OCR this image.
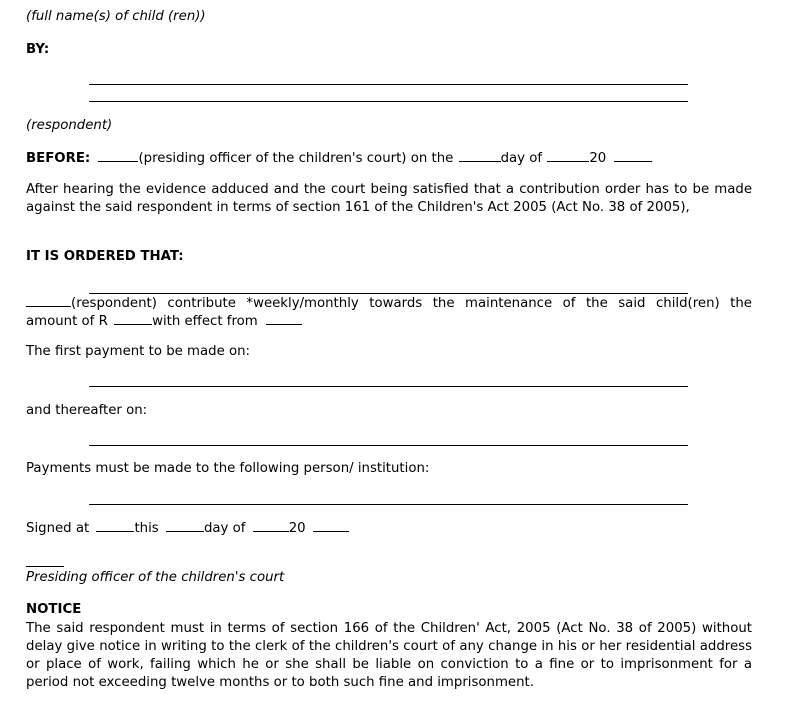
(full name(s) of child (ren))
BY:
(respondent)
BEFORE:	(presiding officer of the children's court) on the	day of	20
After hearing the evidence adduced and the court being satisfied that a contribution order has to be made against the said respondent in terms of section 161 of the Children's Act 2005 (Act No. 38 of 2005),
IT IS ORDERED THAT:
(respondent) contribute *weekly/monthly towards the maintenance of the said child(ren) the
amount of R	with effect from
The first payment to be made on:
and thereafter on:
Payments must be made to the following person/ institution:
Signed at	this	day of	20
Presiding officer of the children's court
NOTICE
The said respondent must in terms of section 166 of the Children' Act, 2005 (Act No. 38 of 2005) without delay give notice in writing to the clerk of the children's court of any change in his or her residential address or place of work, failing which he or she shall be liable on conviction to a fine or to imprisonment for a period not exceeding twelve months or to both such fine and imprisonment.
